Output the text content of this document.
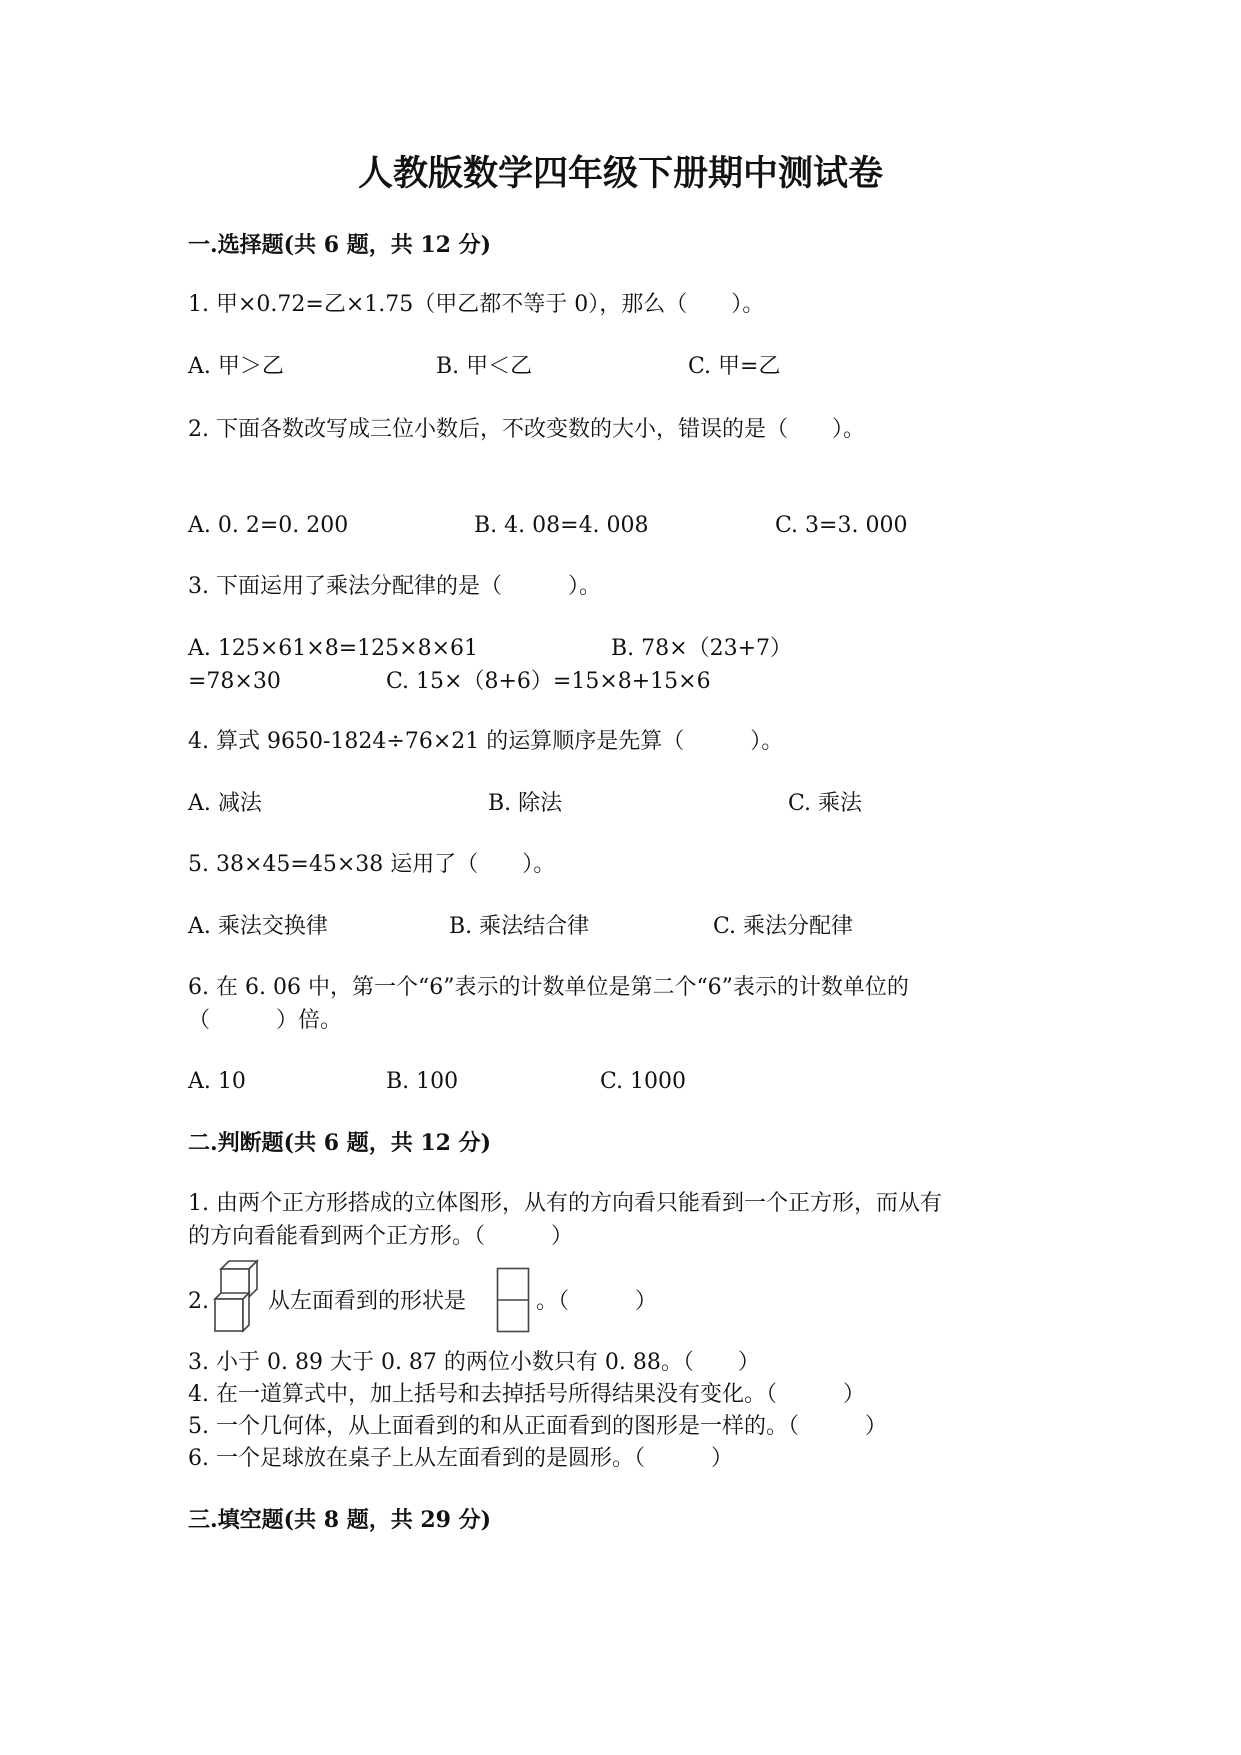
人教版数学四年级下册期中测试卷
一.选择题(共 6 题，共 12 分)
1. 甲×0.72=乙×1.75（甲乙都不等于 0），那么（　　）。
A. 甲＞乙	B. 甲＜乙	C. 甲=乙
2. 下面各数改写成三位小数后，不改变数的大小，错误的是（　　）。
A. 0. 2=0. 200	B. 4. 08=4. 008	C. 3=3. 000
3. 下面运用了乘法分配律的是（　　　）。
A. 125×61×8=125×8×61	B. 78×（23+7）
=78×30	C. 15×（8+6）=15×8+15×6
4. 算式 9650-1824÷76×21 的运算顺序是先算（　　　）。
A. 减法	B. 除法	C. 乘法
5. 38×45=45×38 运用了（　　）。
A. 乘法交换律	B. 乘法结合律	C. 乘法分配律
6. 在 6. 06 中，第一个“6”表示的计数单位是第二个“6”表示的计数单位的
（　　　）倍。
A. 10	B. 100	C. 1000
二.判断题(共 6 题，共 12 分)
1. 由两个正方形搭成的立体图形，从有的方向看只能看到一个正方形，而从有
的方向看能看到两个正方形。（　　　）
2.	从左面看到的形状是	。（　　　）
3. 小于 0. 89 大于 0. 87 的两位小数只有 0. 88。（　　）
4. 在一道算式中，加上括号和去掉括号所得结果没有变化。（　　　）
5. 一个几何体，从上面看到的和从正面看到的图形是一样的。（　　　）
6. 一个足球放在桌子上从左面看到的是圆形。（　　　）
三.填空题(共 8 题，共 29 分)
